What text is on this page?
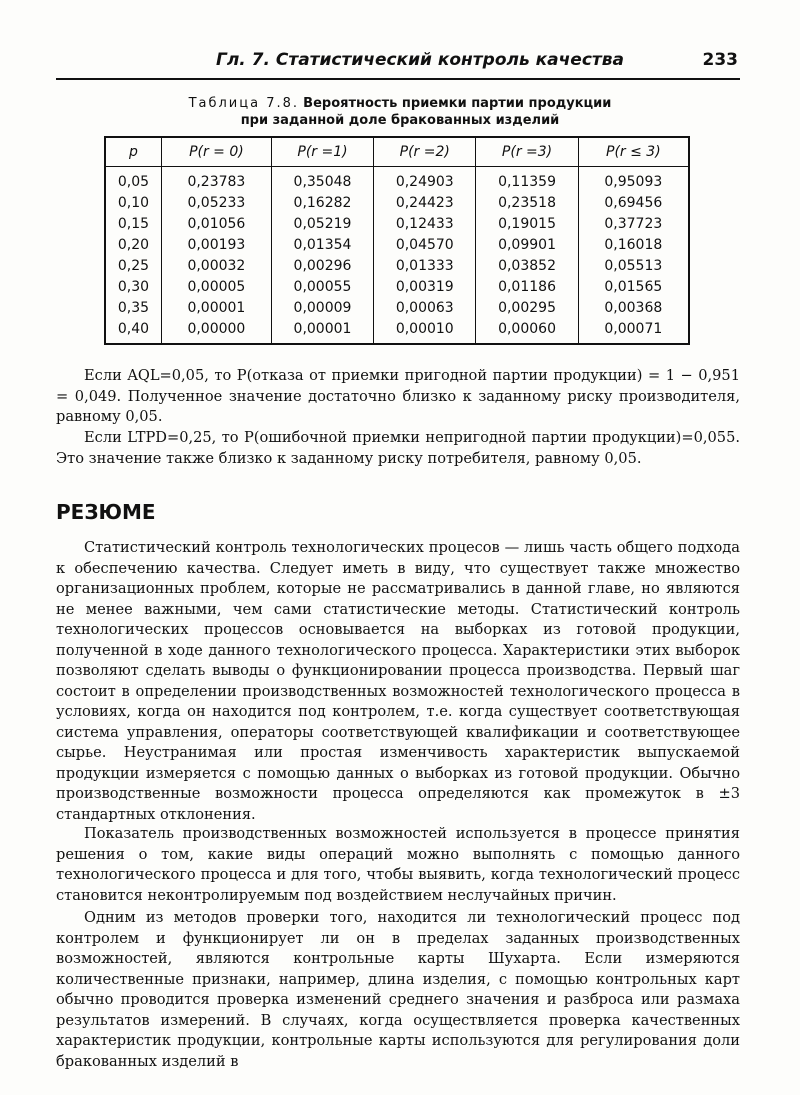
Гл. 7. Статистический контроль качества	233
Таблица 7.8. Вероятность приемки партии продукции
при заданной доле бракованных изделий
p	P(r = 0)	P(r =1)	P(r =2)	P(r =3)	P(r ≤ 3)
0,05	0,23783	0,35048	0,24903	0,11359	0,95093
0,10	0,05233	0,16282	0,24423	0,23518	0,69456
0,15	0,01056	0,05219	0,12433	0,19015	0,37723
0,20	0,00193	0,01354	0,04570	0,09901	0,16018
0,25	0,00032	0,00296	0,01333	0,03852	0,05513
0,30	0,00005	0,00055	0,00319	0,01186	0,01565
0,35	0,00001	0,00009	0,00063	0,00295	0,00368
0,40	0,00000	0,00001	0,00010	0,00060	0,00071

Если AQL=0,05, то P(отказа от приемки пригодной партии продукции) = 1 − 0,951 = 0,049. Полученное значение достаточно близко к заданному риску производителя, равному 0,05.

Если LTPD=0,25, то P(ошибочной приемки непригодной партии продукции)=0,055. Это значение также близко к заданному риску потребителя, равному 0,05.

РЕЗЮМЕ

Статистический контроль технологических процесов — лишь часть общего подхода к обеспечению качества. Следует иметь в виду, что существует также множество организационных проблем, которые не рассматривались в данной главе, но являются не менее важными, чем сами статистические методы. Статистический контроль технологических процессов основывается на выборках из готовой продукции, полученной в ходе данного технологического процесса. Характеристики этих выборок позволяют сделать выводы о функционировании процесса производства. Первый шаг состоит в определении производственных возможностей технологического процесса в условиях, когда он находится под контролем, т.е. когда существует соответствующая система управления, операторы соответствующей квалификации и соответствующее сырье. Неустранимая или простая изменчивость характеристик выпускаемой продукции измеряется с помощью данных о выборках из готовой продукции. Обычно производственные возможности процесса определяются как промежуток в ±3 стандартных отклонения.

Показатель производственных возможностей используется в процессе принятия решения о том, какие виды операций можно выполнять с помощью данного технологического процесса и для того, чтобы выявить, когда технологический процесс становится неконтролируемым под воздействием неслучайных причин.

Одним из методов проверки того, находится ли технологический процесс под контролем и функционирует ли он в пределах заданных производственных возможностей, являются контрольные карты Шухарта. Если измеряются количественные признаки, например, длина изделия, с помощью контрольных карт обычно проводится проверка изменений среднего значения и разброса или размаха результатов измерений. В случаях, когда осуществляется проверка качественных характеристик продукции, контрольные карты используются для регулирования доли бракованных изделий в
